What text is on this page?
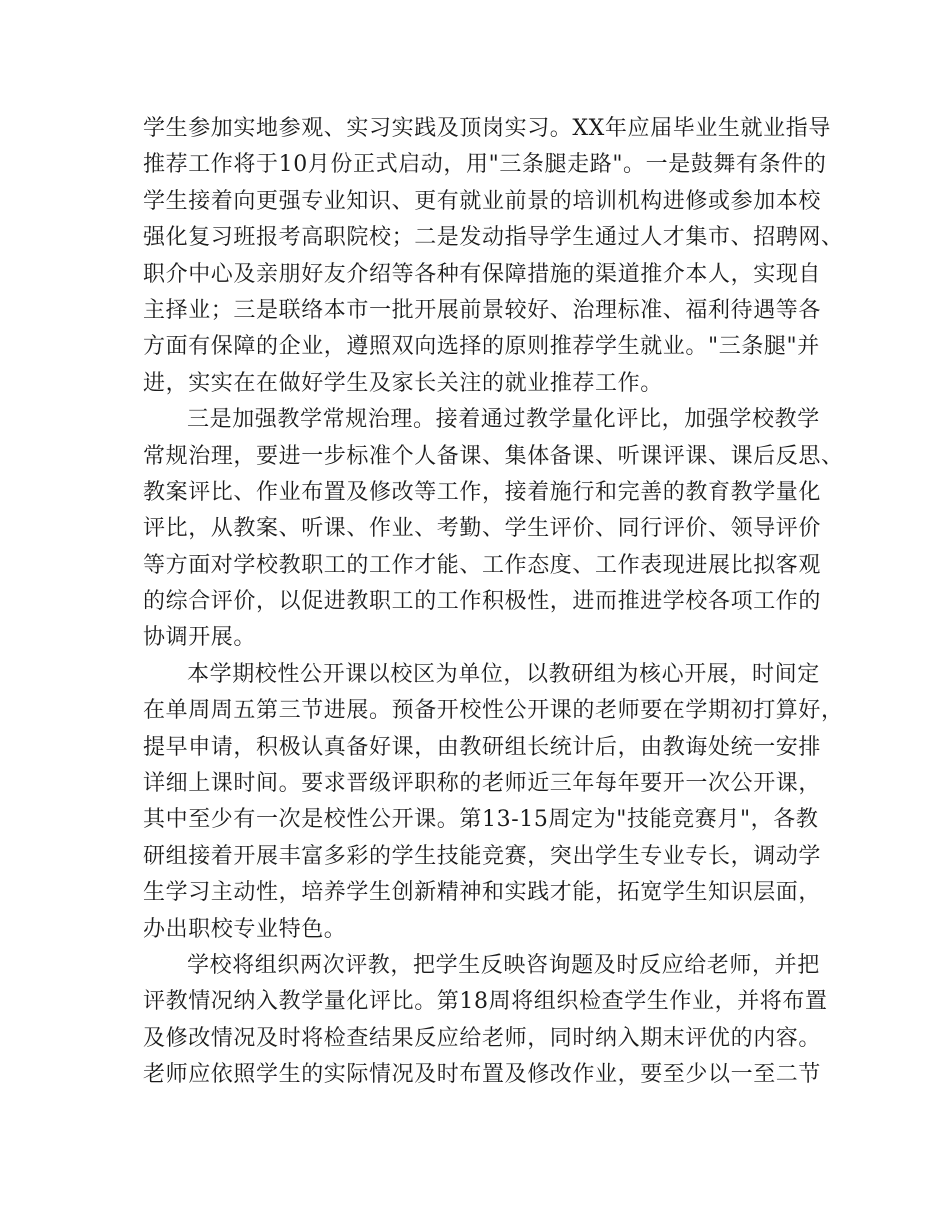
学生参加实地参观、实习实践及顶岗实习。XX年应届毕业生就业指导
推荐工作将于10月份正式启动，用"三条腿走路"。一是鼓舞有条件的
学生接着向更强专业知识、更有就业前景的培训机构进修或参加本校
强化复习班报考高职院校；二是发动指导学生通过人才集市、招聘网、
职介中心及亲朋好友介绍等各种有保障措施的渠道推介本人，实现自
主择业；三是联络本市一批开展前景较好、治理标准、福利待遇等各
方面有保障的企业，遵照双向选择的原则推荐学生就业。"三条腿"并
进，实实在在做好学生及家长关注的就业推荐工作。
三是加强教学常规治理。接着通过教学量化评比，加强学校教学
常规治理，要进一步标准个人备课、集体备课、听课评课、课后反思、
教案评比、作业布置及修改等工作，接着施行和完善的教育教学量化
评比，从教案、听课、作业、考勤、学生评价、同行评价、领导评价
等方面对学校教职工的工作才能、工作态度、工作表现进展比拟客观
的综合评价，以促进教职工的工作积极性，进而推进学校各项工作的
协调开展。
本学期校性公开课以校区为单位，以教研组为核心开展，时间定
在单周周五第三节进展。预备开校性公开课的老师要在学期初打算好，
提早申请，积极认真备好课，由教研组长统计后，由教诲处统一安排
详细上课时间。要求晋级评职称的老师近三年每年要开一次公开课，
其中至少有一次是校性公开课。第13-15周定为"技能竞赛月"，各教
研组接着开展丰富多彩的学生技能竞赛，突出学生专业专长，调动学
生学习主动性，培养学生创新精神和实践才能，拓宽学生知识层面，
办出职校专业特色。
学校将组织两次评教，把学生反映咨询题及时反应给老师，并把
评教情况纳入教学量化评比。第18周将组织检查学生作业，并将布置
及修改情况及时将检查结果反应给老师，同时纳入期末评优的内容。
老师应依照学生的实际情况及时布置及修改作业，要至少以一至二节
